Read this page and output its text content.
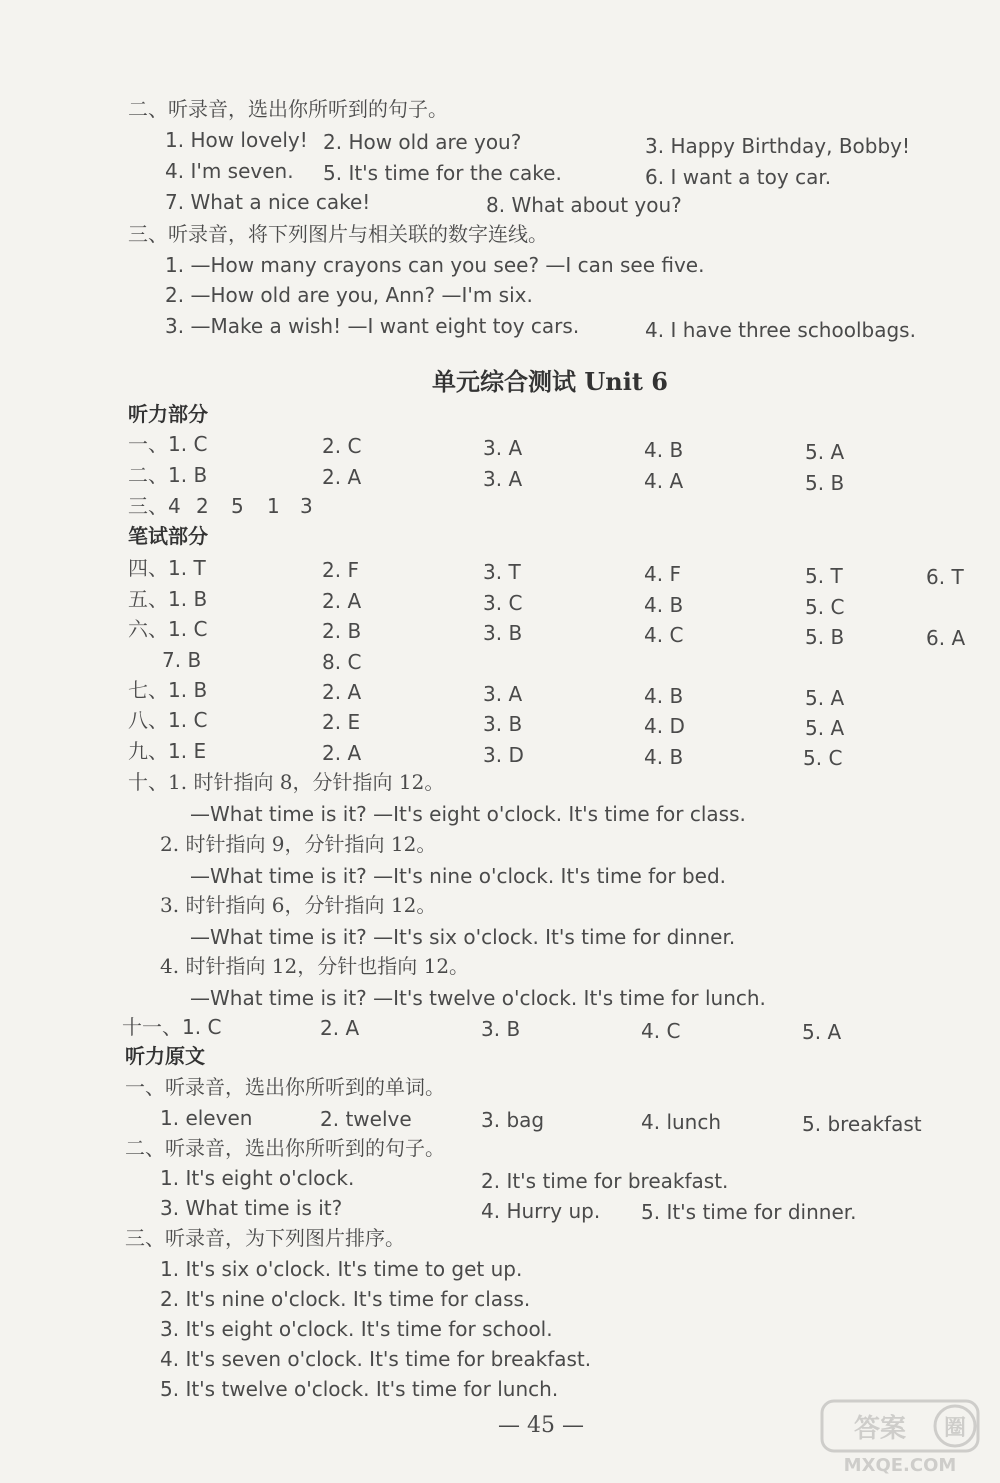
二、听录音，选出你所听到的句子。
1. How lovely! 2. How old are you?	3. Happy Birthday, Bobby!
4. I'm seven. 5. It's time for the cake.	6. I want a toy car.
7. What a nice cake!	8. What about you?
三、听录音，将下列图片与相关联的数字连线。
1. —How many crayons can you see? —I can see five.
2. —How old are you, Ann? —I'm six.
3. —Make a wish! —I want eight toy cars.	4. I have three schoolbags.
单元综合测试 Unit 6
听力部分
一、1. C	2. C	3. A	4. B	5. A
二、1. B	2. A	3. A	4. A	5. B
三、4 2 5 1 3
笔试部分
四、1. T	2. F	3. T	4. F	5. T	6. T
五、1. B	2. A	3. C	4. B	5. C
六、1. C	2. B	3. B	4. C	5. B	6. A
7. B	8. C
七、1. B	2. A	3. A	4. B	5. A
八、1. C	2. E	3. B	4. D	5. A
九、1. E	2. A	3. D	4. B	5. C
十、1. 时针指向 8，分针指向 12。
—What time is it? —It's eight o'clock. It's time for class.
2. 时针指向 9，分针指向 12。
—What time is it? —It's nine o'clock. It's time for bed.
3. 时针指向 6，分针指向 12。
—What time is it? —It's six o'clock. It's time for dinner.
4. 时针指向 12，分针也指向 12。
—What time is it? —It's twelve o'clock. It's time for lunch.
十一、1. C	2. A	3. B	4. C	5. A
听力原文
一、听录音，选出你所听到的单词。
1. eleven	2. twelve	3. bag	4. lunch	5. breakfast
二、听录音，选出你所听到的句子。
1. It's eight o'clock.	2. It's time for breakfast.
3. What time is it?	4. Hurry up. 5. It's time for dinner.
三、听录音，为下列图片排序。
1. It's six o'clock. It's time to get up.
2. It's nine o'clock. It's time for class.
3. It's eight o'clock. It's time for school.
4. It's seven o'clock. It's time for breakfast.
5. It's twelve o'clock. It's time for lunch.
— 45 —	答案 圈
MXQE.COM
